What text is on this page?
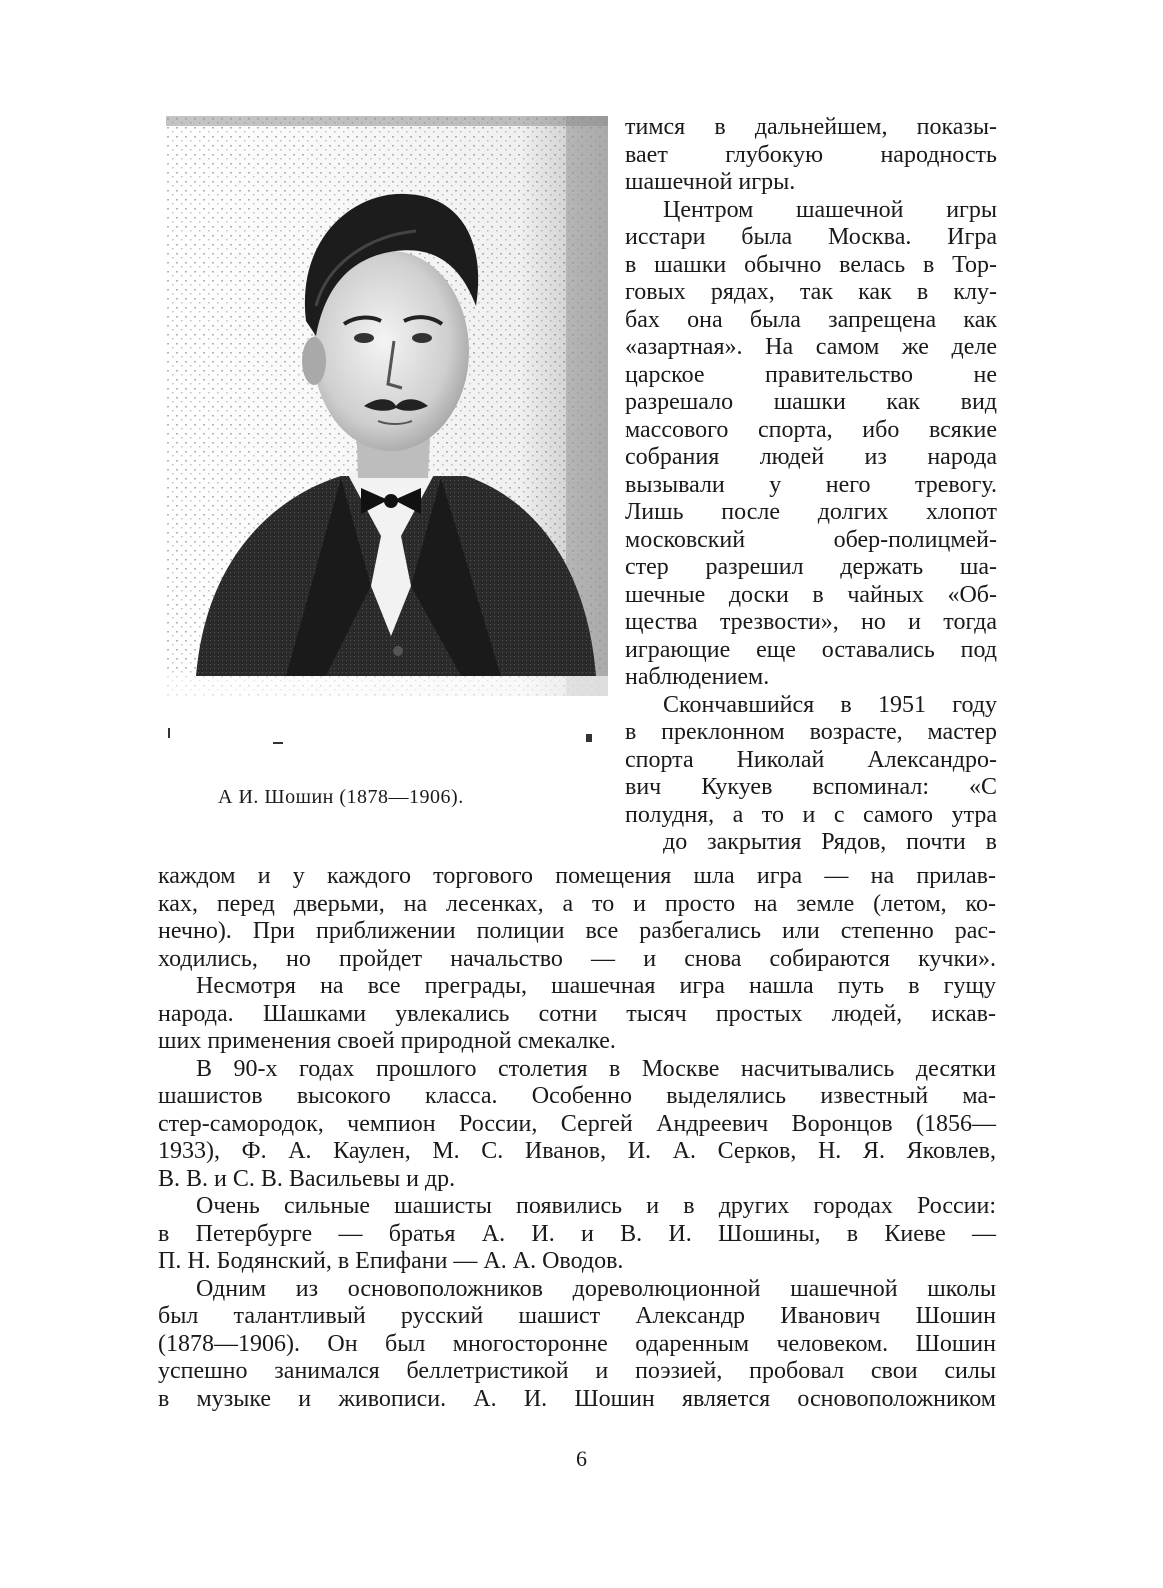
А И. Шошин (1878—1906).
тимся в дальнейшем, показы-
вает глубокую народность
шашечной игры.
Центром шашечной игры
исстари была Москва. Игра
в шашки обычно велась в Тор-
говых рядах, так как в клу-
бах она была запрещена как
«азартная». На самом же деле
царское правительство не
разрешало шашки как вид
массового спорта, ибо всякие
собрания людей из народа
вызывали у него тревогу.
Лишь после долгих хлопот
московский обер-полицмей-
стер разрешил держать ша-
шечные доски в чайных «Об-
щества трезвости», но и тогда
играющие еще оставались под
наблюдением.
Скончавшийся в 1951 году
в преклонном возрасте, мастер
спорта Николай Александро-
вич Кукуев вспоминал: «С
полудня, а то и с самого утра
до закрытия Рядов, почти в
каждом и у каждого торгового помещения шла игра — на прилав-
ках, перед дверьми, на лесенках, а то и просто на земле (летом, ко-
нечно). При приближении полиции все разбегались или степенно рас-
ходились, но пройдет начальство — и снова собираются кучки».
Несмотря на все преграды, шашечная игра нашла путь в гущу
народа. Шашками увлекались сотни тысяч простых людей, искав-
ших применения своей природной смекалке.
В 90-х годах прошлого столетия в Москве насчитывались десятки
шашистов высокого класса. Особенно выделялись известный ма-
стер-самородок, чемпион России, Сергей Андреевич Воронцов (1856—
1933), Ф. А. Каулен, М. С. Иванов, И. А. Серков, Н. Я. Яковлев,
В. В. и С. В. Васильевы и др.
Очень сильные шашисты появились и в других городах России:
в Петербурге — братья А. И. и В. И. Шошины, в Киеве —
П. Н. Бодянский, в Епифани — А. А. Оводов.
Одним из основоположников дореволюционной шашечной школы
был талантливый русский шашист Александр Иванович Шошин
(1878—1906). Он был многосторонне одаренным человеком. Шошин
успешно занимался беллетристикой и поэзией, пробовал свои силы
в музыке и живописи. А. И. Шошин является основоположником
6
